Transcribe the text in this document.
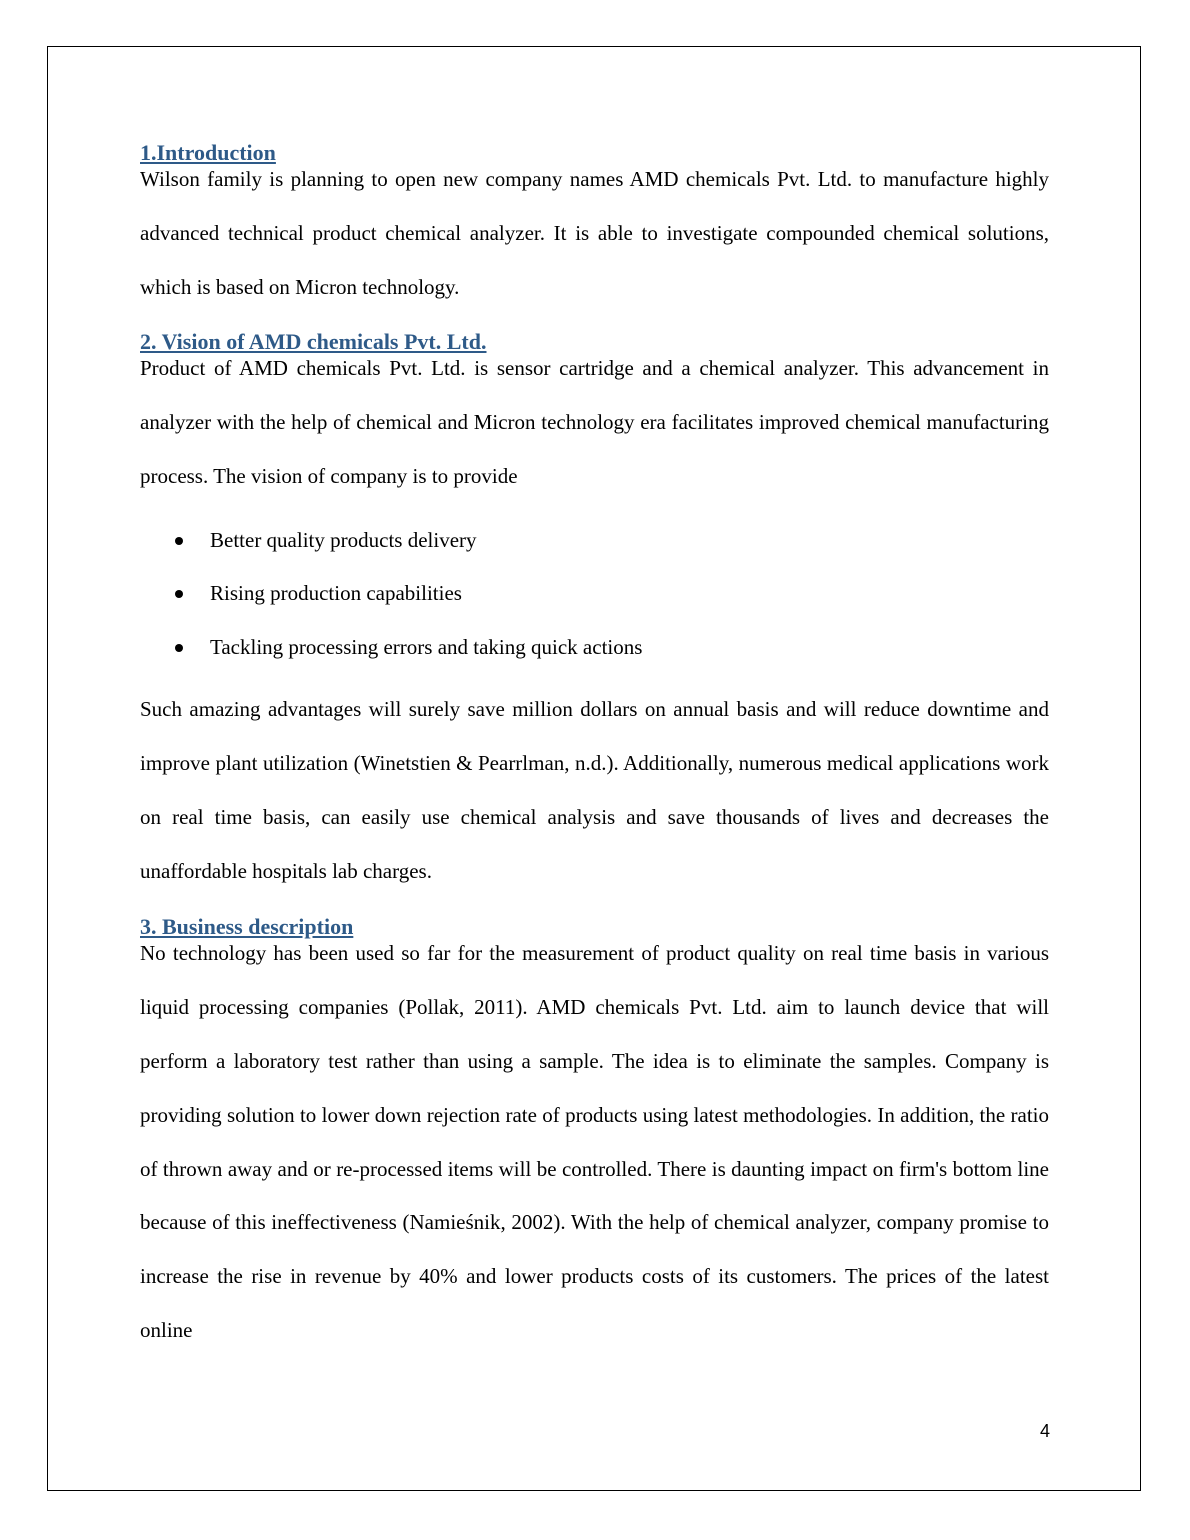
1.Introduction

Wilson family is planning to open new company names AMD chemicals Pvt. Ltd. to manufacture highly advanced technical product chemical analyzer. It is able to investigate compounded chemical solutions, which is based on Micron technology.

2. Vision of AMD chemicals Pvt. Ltd.

Product of AMD chemicals Pvt. Ltd. is sensor cartridge and a chemical analyzer. This advancement in analyzer with the help of chemical and Micron technology era facilitates improved chemical manufacturing process. The vision of company is to provide

Better quality products delivery
Rising production capabilities
Tackling processing errors and taking quick actions

Such amazing advantages will surely save million dollars on annual basis and will reduce downtime and improve plant utilization (Winetstien & Pearrlman, n.d.). Additionally, numerous medical applications work on real time basis, can easily use chemical analysis and save thousands of lives and decreases the unaffordable hospitals lab charges.

3. Business description

No technology has been used so far for the measurement of product quality on real time basis in various liquid processing companies (Pollak, 2011). AMD chemicals Pvt. Ltd. aim to launch device that will perform a laboratory test rather than using a sample. The idea is to eliminate the samples. Company is providing solution to lower down rejection rate of products using latest methodologies. In addition, the ratio of thrown away and or re-processed items will be controlled. There is daunting impact on firm's bottom line because of this ineffectiveness (Namieśnik, 2002). With the help of chemical analyzer, company promise to increase the rise in revenue by 40% and lower products costs of its customers. The prices of the latest online

4
